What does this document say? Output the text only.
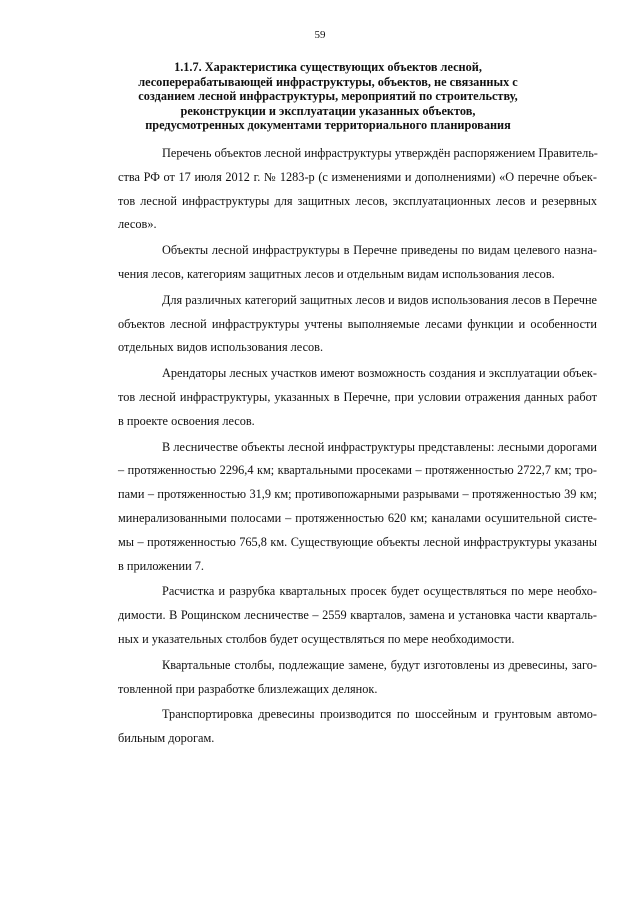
59
1.1.7. Характеристика существующих объектов лесной,
лесоперерабатывающей инфраструктуры, объектов, не связанных с
созданием лесной инфраструктуры, мероприятий по строительству,
реконструкции и эксплуатации указанных объектов,
предусмотренных документами территориального планирования
Перечень объектов лесной инфраструктуры утверждён распоряжением Правитель-
ства РФ от 17 июля 2012 г. № 1283-р (с изменениями и дополнениями) «О перечне объек-
тов лесной инфраструктуры для защитных лесов, эксплуатационных лесов и резервных
лесов».
Объекты лесной инфраструктуры в Перечне приведены по видам целевого назна-
чения лесов, категориям защитных лесов и отдельным видам использования лесов.
Для различных категорий защитных лесов и видов использования лесов в Перечне
объектов лесной инфраструктуры учтены выполняемые лесами функции и особенности
отдельных видов использования лесов.
Арендаторы лесных участков имеют возможность создания и эксплуатации объек-
тов лесной инфраструктуры, указанных в Перечне, при условии отражения данных работ
в проекте освоения лесов.
В лесничестве объекты лесной инфраструктуры представлены: лесными дорогами
– протяженностью 2296,4 км; квартальными просеками – протяженностью 2722,7 км; тро-
пами – протяженностью 31,9 км; противопожарными разрывами – протяженностью 39 км;
минерализованными полосами – протяженностью 620 км; каналами осушительной систе-
мы – протяженностью 765,8 км. Существующие объекты лесной инфраструктуры указаны
в приложении 7.
Расчистка и разрубка квартальных просек будет осуществляться по мере необхо-
димости. В Рощинском лесничестве – 2559 кварталов, замена и установка части кварталь-
ных и указательных столбов будет осуществляться по мере необходимости.
Квартальные столбы, подлежащие замене, будут изготовлены из древесины, заго-
товленной при разработке близлежащих делянок.
Транспортировка древесины производится по шоссейным и грунтовым автомо-
бильным дорогам.
